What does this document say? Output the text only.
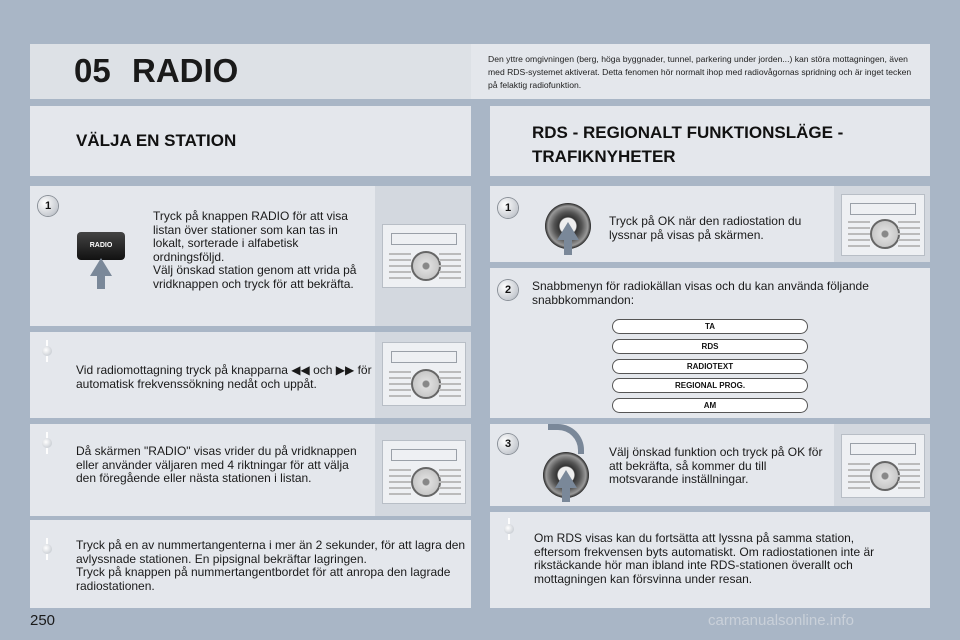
05 RADIO	Den yttre omgivningen (berg, höga byggnader, tunnel, parkering under jorden...) kan störa mottagningen, även med RDS-systemet aktiverat. Detta fenomen hör normalt ihop med radiovågornas spridning och är inget tecken på felaktig radiofunktion.
VÄLJA EN STATION	RDS - REGIONALT FUNKTIONSLÄGE - TRAFIKNYHETER
1
RADIO
Tryck på knappen RADIO för att visa listan över stationer som kan tas in lokalt, sorterade i alfabetisk ordningsföljd.
Välj önskad station genom att vrida på vridknappen och tryck för att bekräfta.
Vid radiomottagning tryck på knapparna ◀◀ och ▶▶ för automatisk frekvenssökning nedåt och uppåt.
Då skärmen "RADIO" visas vrider du på vridknappen eller använder väljaren med 4 riktningar för att välja den föregående eller nästa stationen i listan.
Tryck på en av nummertangenterna i mer än 2 sekunder, för att lagra den avlyssnade stationen. En pipsignal bekräftar lagringen.
Tryck på knappen på nummertangentbordet för att anropa den lagrade radiostationen.
1
Tryck på OK när den radiostation du lyssnar på visas på skärmen.
2	Snabbmenyn för radiokällan visas och du kan använda följande snabbkommandon:
TA
RDS
RADIOTEXT
REGIONAL PROG.
AM
3
Välj önskad funktion och tryck på OK för att bekräfta, så kommer du till motsvarande inställningar.
Om RDS visas kan du fortsätta att lyssna på samma station, eftersom frekvensen byts automatiskt. Om radiostationen inte är rikstäckande hör man ibland inte RDS-stationen överallt och mottagningen kan försvinna under resan.
250	carmanualsonline.info
